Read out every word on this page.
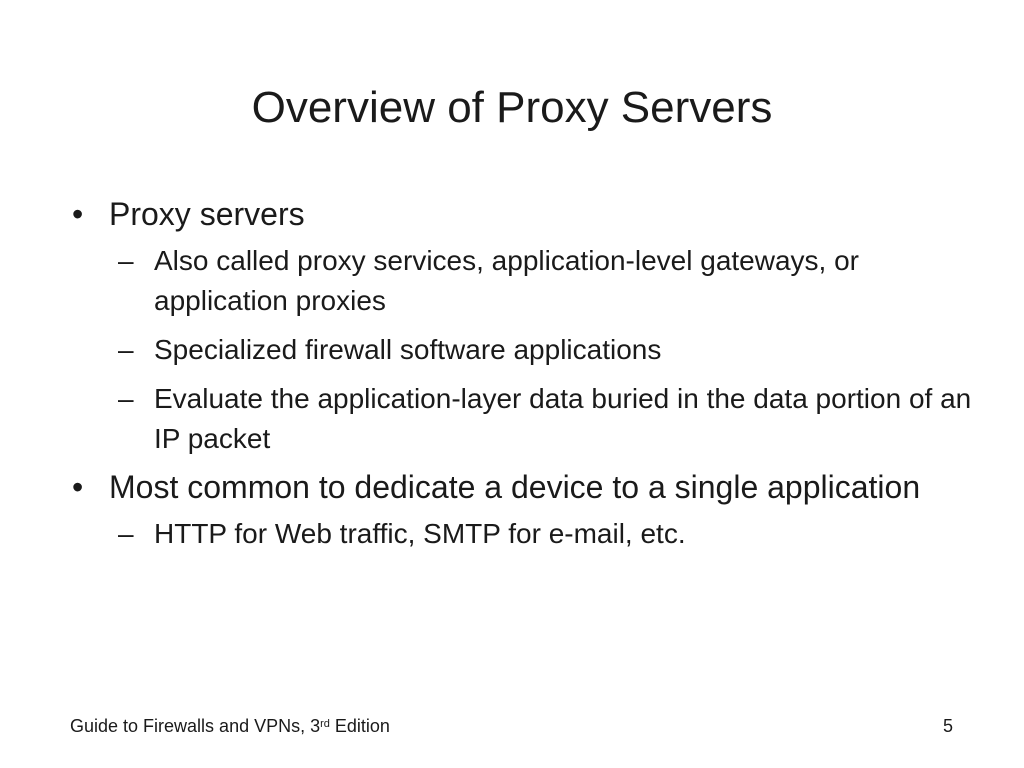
Overview of Proxy Servers
• Proxy servers
– Also called proxy services, application-level gateways, or application proxies
– Specialized firewall software applications
– Evaluate the application-layer data buried in the data portion of an IP packet
• Most common to dedicate a device to a single application
– HTTP for Web traffic, SMTP for e-mail, etc.
Guide to Firewalls and VPNs, 3rd Edition	5
